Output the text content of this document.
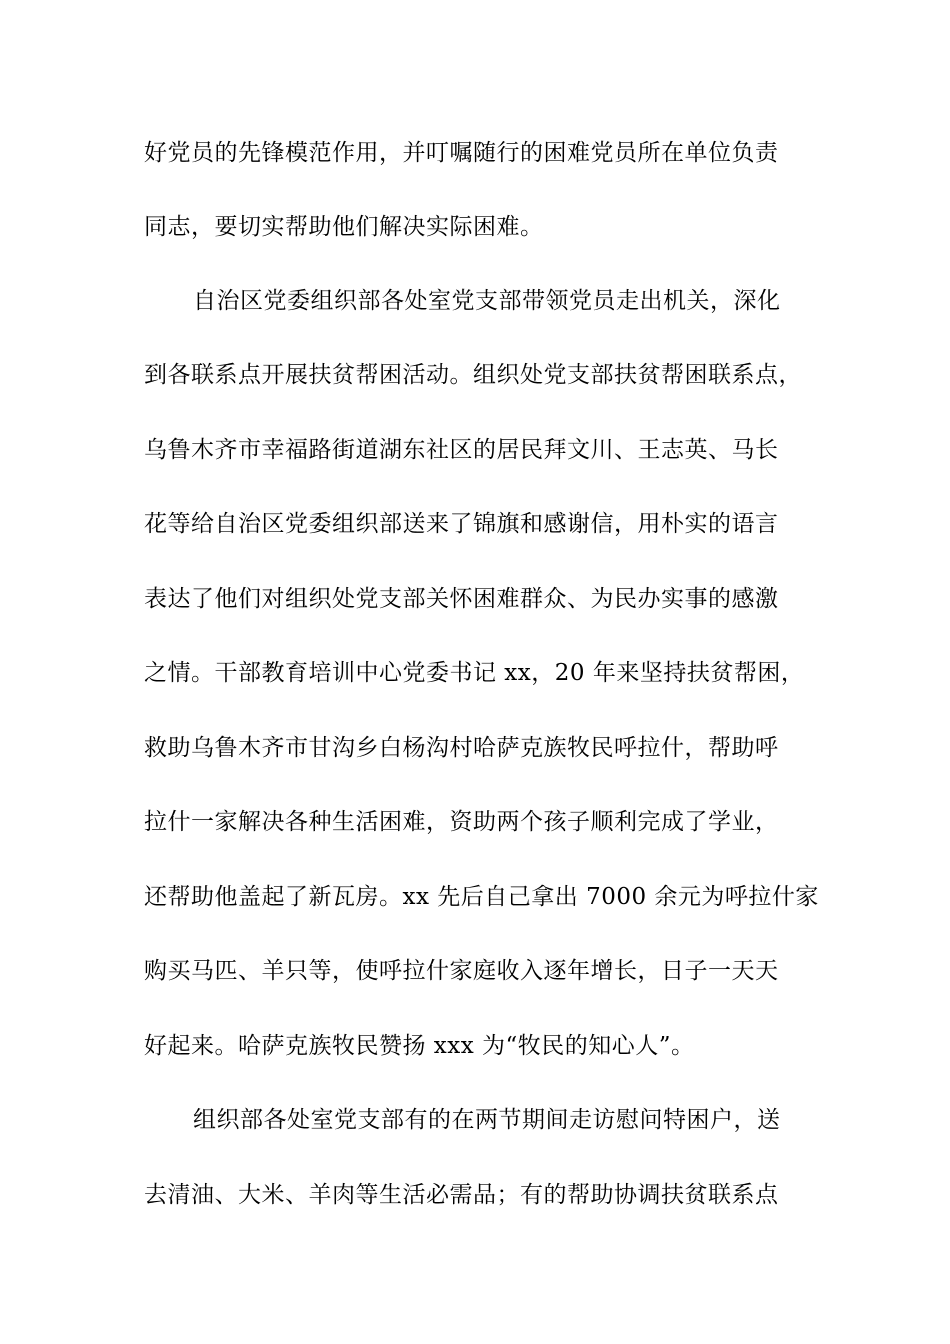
好党员的先锋模范作用，并叮嘱随行的困难党员所在单位负责
同志，要切实帮助他们解决实际困难。
自治区党委组织部各处室党支部带领党员走出机关，深化
到各联系点开展扶贫帮困活动。组织处党支部扶贫帮困联系点，
乌鲁木齐市幸福路街道湖东社区的居民拜文川、王志英、马长
花等给自治区党委组织部送来了锦旗和感谢信，用朴实的语言
表达了他们对组织处党支部关怀困难群众、为民办实事的感激
之情。干部教育培训中心党委书记 xx，20 年来坚持扶贫帮困，
救助乌鲁木齐市甘沟乡白杨沟村哈萨克族牧民呼拉什，帮助呼
拉什一家解决各种生活困难，资助两个孩子顺利完成了学业，
还帮助他盖起了新瓦房。xx 先后自己拿出 7000 余元为呼拉什家
购买马匹、羊只等，使呼拉什家庭收入逐年增长，日子一天天
好起来。哈萨克族牧民赞扬 xxx 为“牧民的知心人”。
组织部各处室党支部有的在两节期间走访慰问特困户，送
去清油、大米、羊肉等生活必需品；有的帮助协调扶贫联系点
